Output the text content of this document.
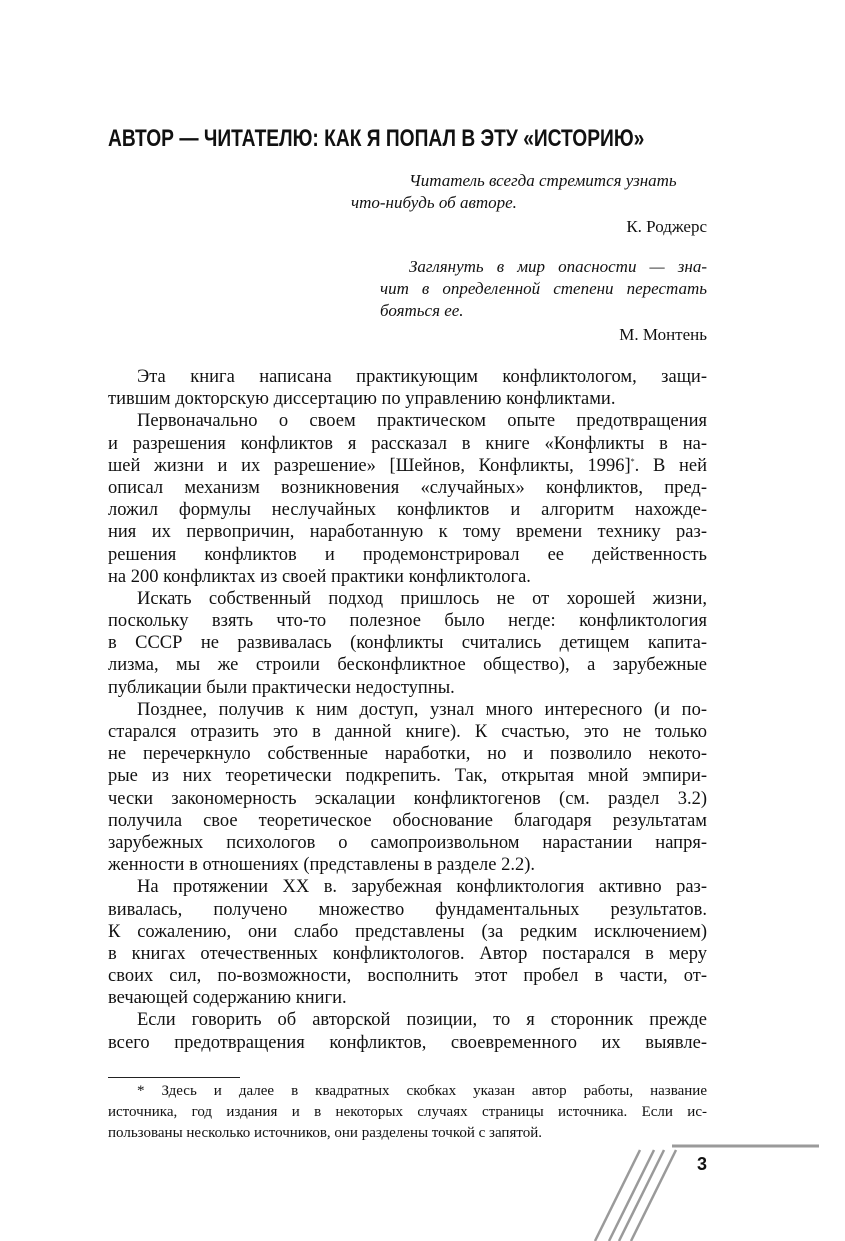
АВТОР — ЧИТАТЕЛЮ: КАК Я ПОПАЛ В ЭТУ «ИСТОРИЮ»

Читатель всегда стремится узнать
что-нибудь об авторе.

К. Роджерс

Заглянуть в мир опасности — зна-
чит в определенной степени перестать
бояться ее.

М. Монтень

Эта книга написана практикующим конфликтологом, защи-
тившим докторскую диссертацию по управлению конфликтами.
Первоначально о своем практическом опыте предотвращения
и разрешения конфликтов я рассказал в книге «Конфликты в на-
шей жизни и их разрешение» [Шейнов, Конфликты, 1996]*. В ней
описал механизм возникновения «случайных» конфликтов, пред-
ложил формулы неслучайных конфликтов и алгоритм нахожде-
ния их первопричин, наработанную к тому времени технику раз-
решения конфликтов и продемонстрировал ее действенность
на 200 конфликтах из своей практики конфликтолога.
Искать собственный подход пришлось не от хорошей жизни,
поскольку взять что-то полезное было негде: конфликтология
в СССР не развивалась (конфликты считались детищем капита-
лизма, мы же строили бесконфликтное общество), а зарубежные
публикации были практически недоступны.
Позднее, получив к ним доступ, узнал много интересного (и по-
старался отразить это в данной книге). К счастью, это не только
не перечеркнуло собственные наработки, но и позволило некото-
рые из них теоретически подкрепить. Так, открытая мной эмпири-
чески закономерность эскалации конфликтогенов (см. раздел 3.2)
получила свое теоретическое обоснование благодаря результатам
зарубежных психологов о самопроизвольном нарастании напря-
женности в отношениях (представлены в разделе 2.2).
На протяжении XX в. зарубежная конфликтология активно раз-
вивалась, получено множество фундаментальных результатов.
К сожалению, они слабо представлены (за редким исключением)
в книгах отечественных конфликтологов. Автор постарался в меру
своих сил, по-возможности, восполнить этот пробел в части, от-
вечающей содержанию книги.
Если говорить об авторской позиции, то я сторонник прежде
всего предотвращения конфликтов, своевременного их выявле-
* Здесь и далее в квадратных скобках указан автор работы, название
источника, год издания и в некоторых случаях страницы источника. Если ис-
пользованы несколько источников, они разделены точкой с запятой.
3
